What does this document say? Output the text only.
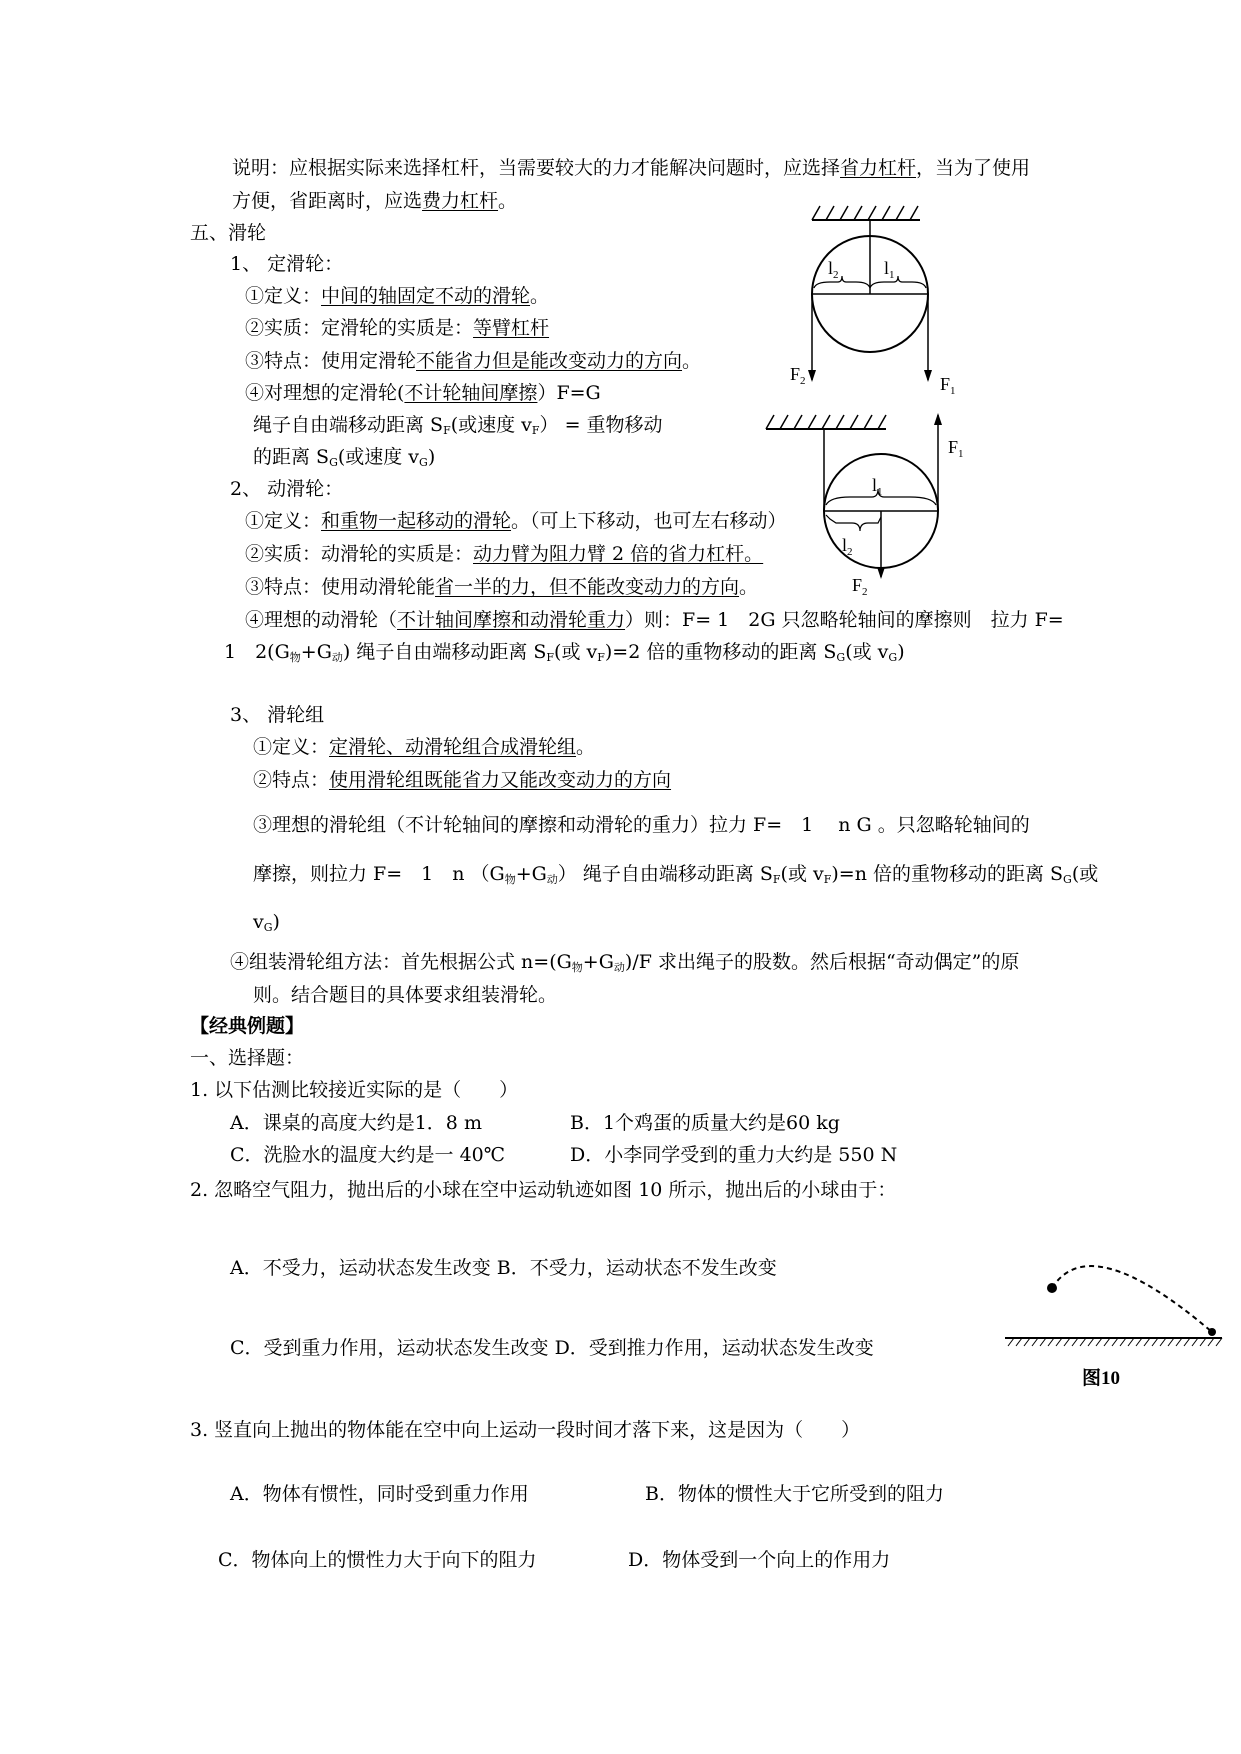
说明：应根据实际来选择杠杆，当需要较大的力才能解决问题时，应选择省力杠杆，当为了使用
方便，省距离时，应选费力杠杆。
五、滑轮
1、 定滑轮：
①定义：中间的轴固定不动的滑轮。
②实质：定滑轮的实质是：等臂杠杆
③特点：使用定滑轮不能省力但是能改变动力的方向。
④对理想的定滑轮(不计轮轴间摩擦）F=G
绳子自由端移动距离 $S_F$(或速度 $v_F$） = 重物移动
的距离 $S_G$(或速度 $v_G$)
2、 动滑轮：
①定义：和重物一起移动的滑轮。（可上下移动，也可左右移动）
②实质：动滑轮的实质是：动力臂为阻力臂 2 倍的省力杠杆。
③特点：使用动滑轮能省一半的力，但不能改变动力的方向。
④理想的动滑轮（不计轴间摩擦和动滑轮重力）则：F= 1　2G 只忽略轮轴间的摩擦则　拉力 F=
1　$2(G_物+G_动)$ 绳子自由端移动距离 $S_F$(或 $v_F)=2$ 倍的重物移动的距离 $S_G$(或 $v_G$)
3、 滑轮组
①定义：定滑轮、动滑轮组合成滑轮组。
②特点：使用滑轮组既能省力又能改变动力的方向
③理想的滑轮组（不计轮轴间的摩擦和动滑轮的重力）拉力 F=　1　 n G 。只忽略轮轴间的
摩擦，则拉力 F=　1　n $(G_物+G_动)$ 绳子自由端移动距离 $S_F$(或 $v_F)=n$ 倍的重物移动的距离 $S_G$(或
$v_G$)
④组装滑轮组方法：首先根据公式 $n=(G_物+G_动)/F$ 求出绳子的股数。然后根据“奇动偶定”的原
则。结合题目的具体要求组装滑轮。
【经典例题】
一、选择题：
1. 以下估测比较接近实际的是（　　）
A．课桌的高度大约是1．8 m	B．1个鸡蛋的质量大约是60 kg
C．洗脸水的温度大约是一 40℃	D．小李同学受到的重力大约是 550 N
2. 忽略空气阻力，抛出后的小球在空中运动轨迹如图 10 所示，抛出后的小球由于：
A．不受力，运动状态发生改变 B．不受力，运动状态不发生改变
C．受到重力作用，运动状态发生改变 D．受到推力作用，运动状态发生改变
3. 竖直向上抛出的物体能在空中向上运动一段时间才落下来，这是因为（　　）
A．物体有惯性，同时受到重力作用	B．物体的惯性大于它所受到的阻力
C．物体向上的惯性力大于向下的阻力	D．物体受到一个向上的作用力
$l_2$	$l_1$
$F_2$	$F_1$
$l_1$
$l_2$
$F_1$
$F_2$
图10
